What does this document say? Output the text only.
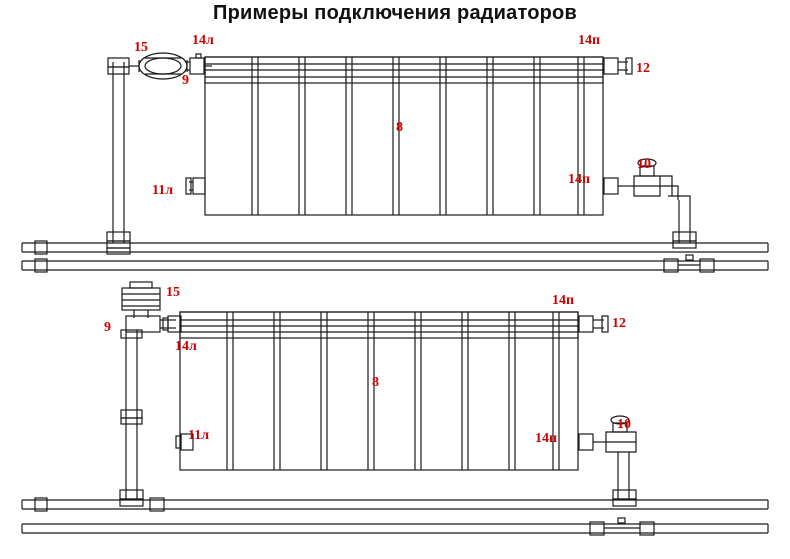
Примеры подключения радиаторов
15	14л
9
14п
12
8
10
14п
11л
15
14п
9	12
14л
8
10
11л	14п
